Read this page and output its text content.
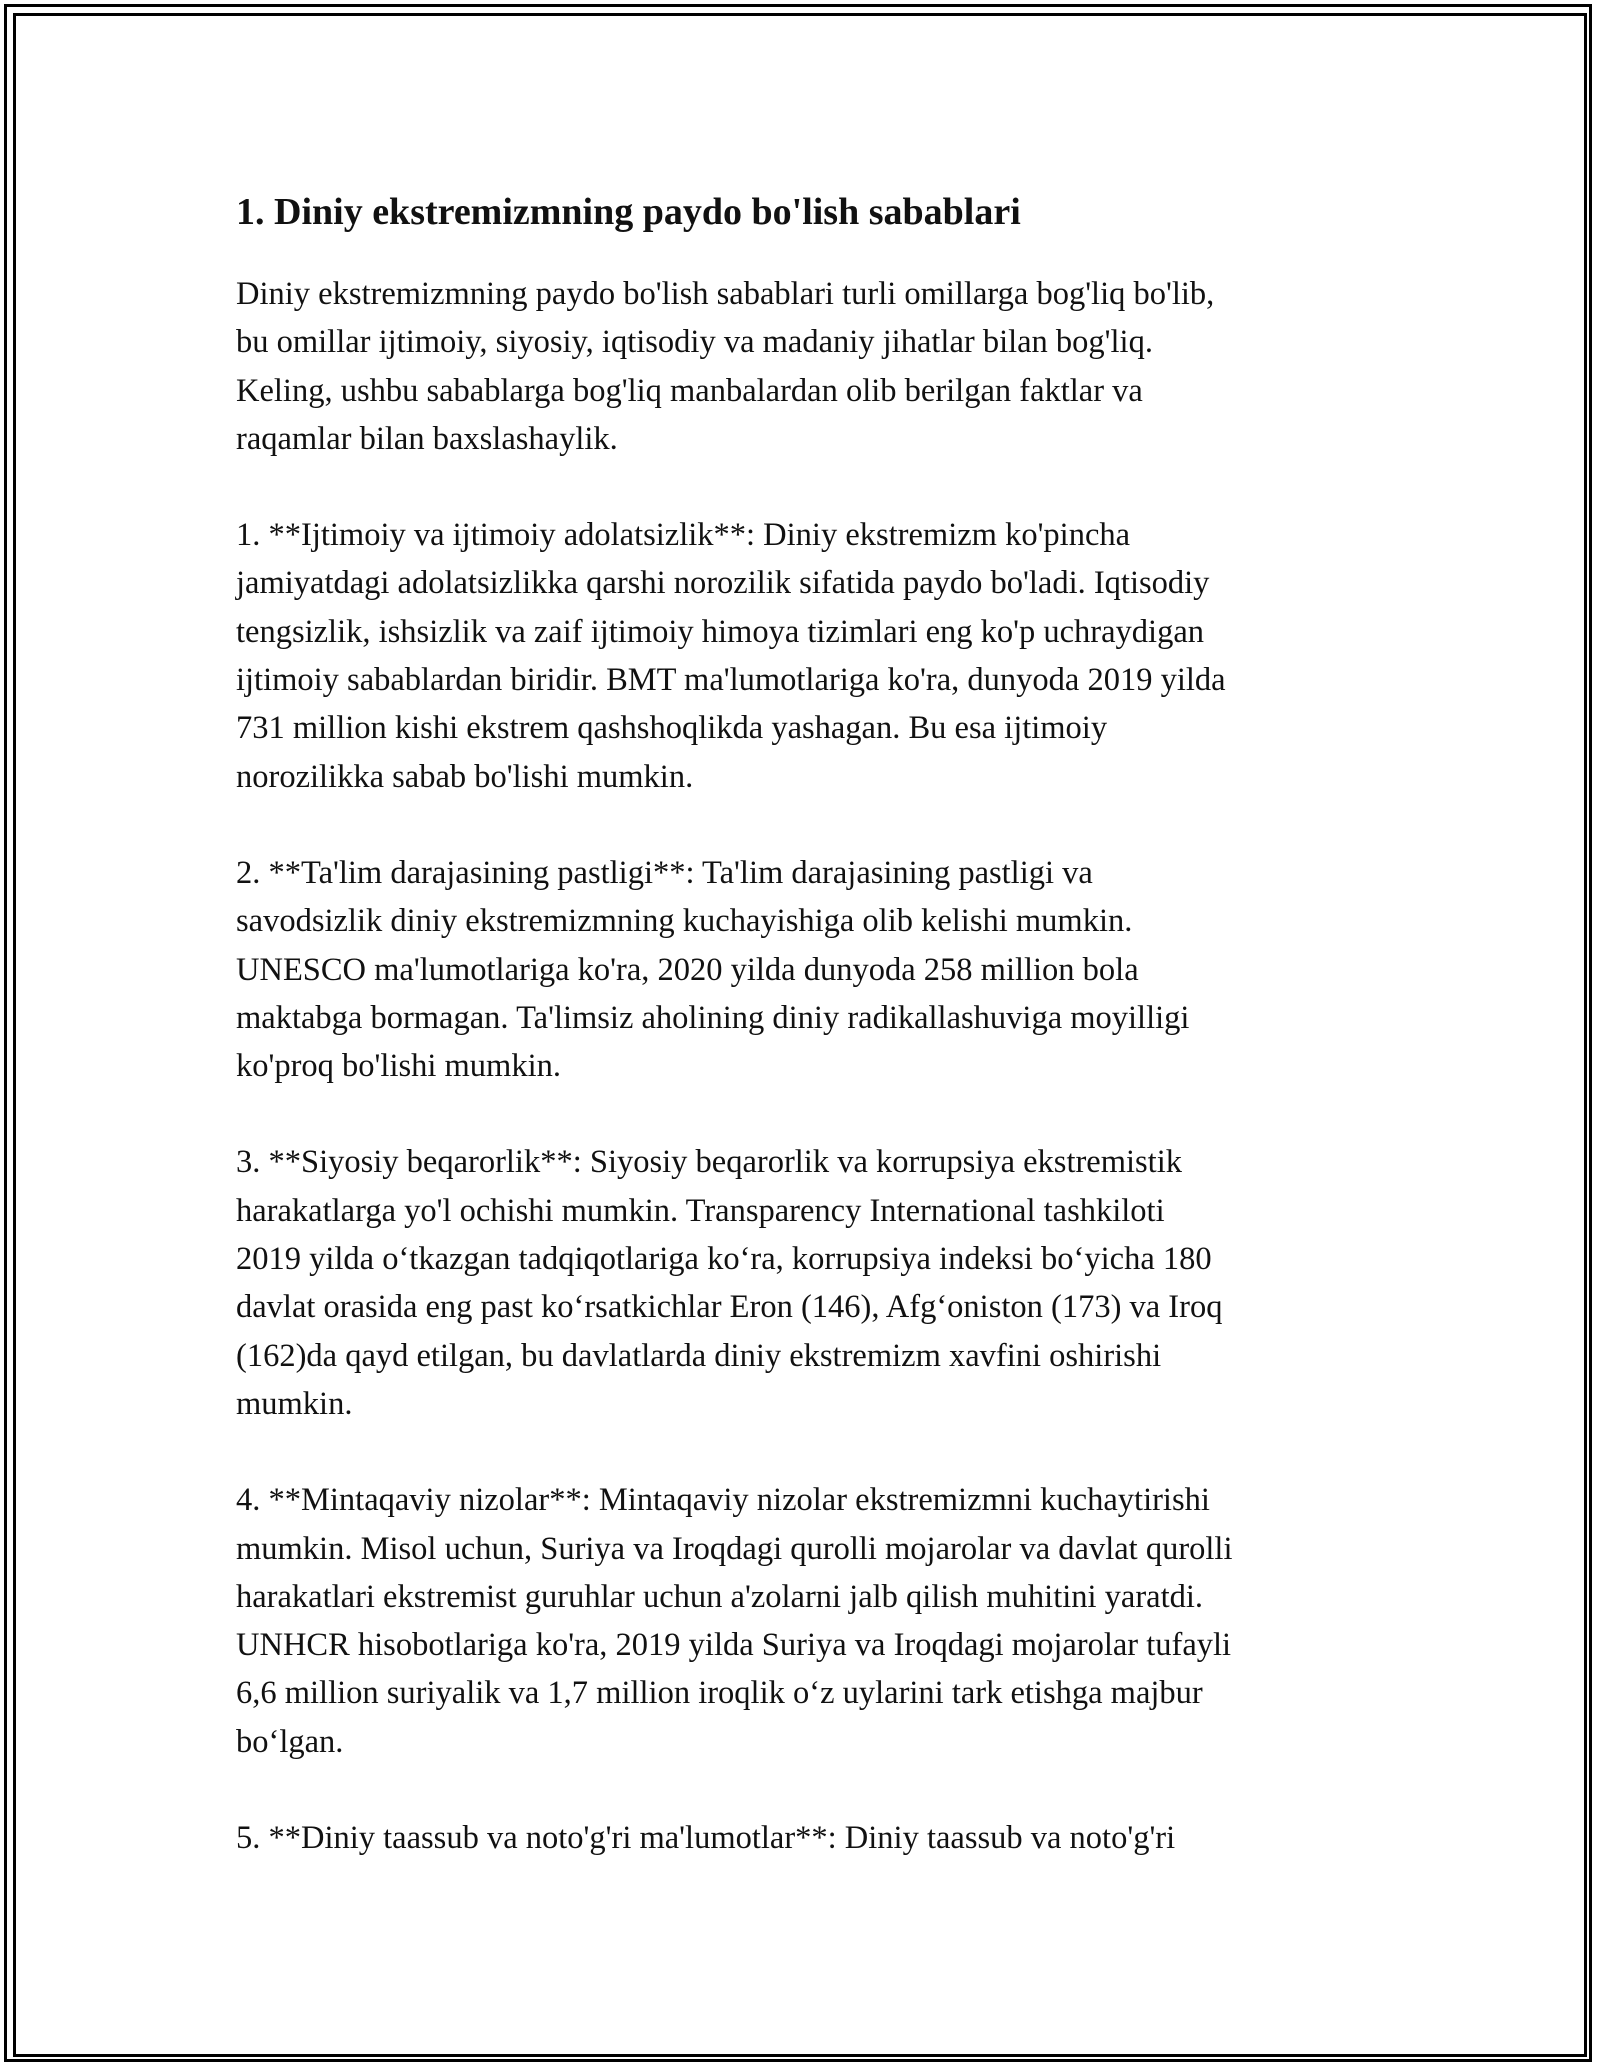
1. Diniy ekstremizmning paydo bo'lish sabablari

Diniy ekstremizmning paydo bo'lish sabablari turli omillarga bog'liq bo'lib,
bu omillar ijtimoiy, siyosiy, iqtisodiy va madaniy jihatlar bilan bog'liq.
Keling, ushbu sabablarga bog'liq manbalardan olib berilgan faktlar va
raqamlar bilan baxslashaylik.

1. **Ijtimoiy va ijtimoiy adolatsizlik**: Diniy ekstremizm ko'pincha
jamiyatdagi adolatsizlikka qarshi norozilik sifatida paydo bo'ladi. Iqtisodiy
tengsizlik, ishsizlik va zaif ijtimoiy himoya tizimlari eng ko'p uchraydigan
ijtimoiy sabablardan biridir. BMT ma'lumotlariga ko'ra, dunyoda 2019 yilda
731 million kishi ekstrem qashshoqlikda yashagan. Bu esa ijtimoiy
norozilikka sabab bo'lishi mumkin.

2. **Ta'lim darajasining pastligi**: Ta'lim darajasining pastligi va
savodsizlik diniy ekstremizmning kuchayishiga olib kelishi mumkin.
UNESCO ma'lumotlariga ko'ra, 2020 yilda dunyoda 258 million bola
maktabga bormagan. Ta'limsiz aholining diniy radikallashuviga moyilligi
ko'proq bo'lishi mumkin.

3. **Siyosiy beqarorlik**: Siyosiy beqarorlik va korrupsiya ekstremistik
harakatlarga yo'l ochishi mumkin. Transparency International tashkiloti
2019 yilda o‘tkazgan tadqiqotlariga ko‘ra, korrupsiya indeksi bo‘yicha 180
davlat orasida eng past ko‘rsatkichlar Eron (146), Afg‘oniston (173) va Iroq
(162)da qayd etilgan, bu davlatlarda diniy ekstremizm xavfini oshirishi
mumkin.

4. **Mintaqaviy nizolar**: Mintaqaviy nizolar ekstremizmni kuchaytirishi
mumkin. Misol uchun, Suriya va Iroqdagi qurolli mojarolar va davlat qurolli
harakatlari ekstremist guruhlar uchun a'zolarni jalb qilish muhitini yaratdi.
UNHCR hisobotlariga ko'ra, 2019 yilda Suriya va Iroqdagi mojarolar tufayli
6,6 million suriyalik va 1,7 million iroqlik o‘z uylarini tark etishga majbur
bo‘lgan.

5. **Diniy taassub va noto'g'ri ma'lumotlar**: Diniy taassub va noto'g'ri
